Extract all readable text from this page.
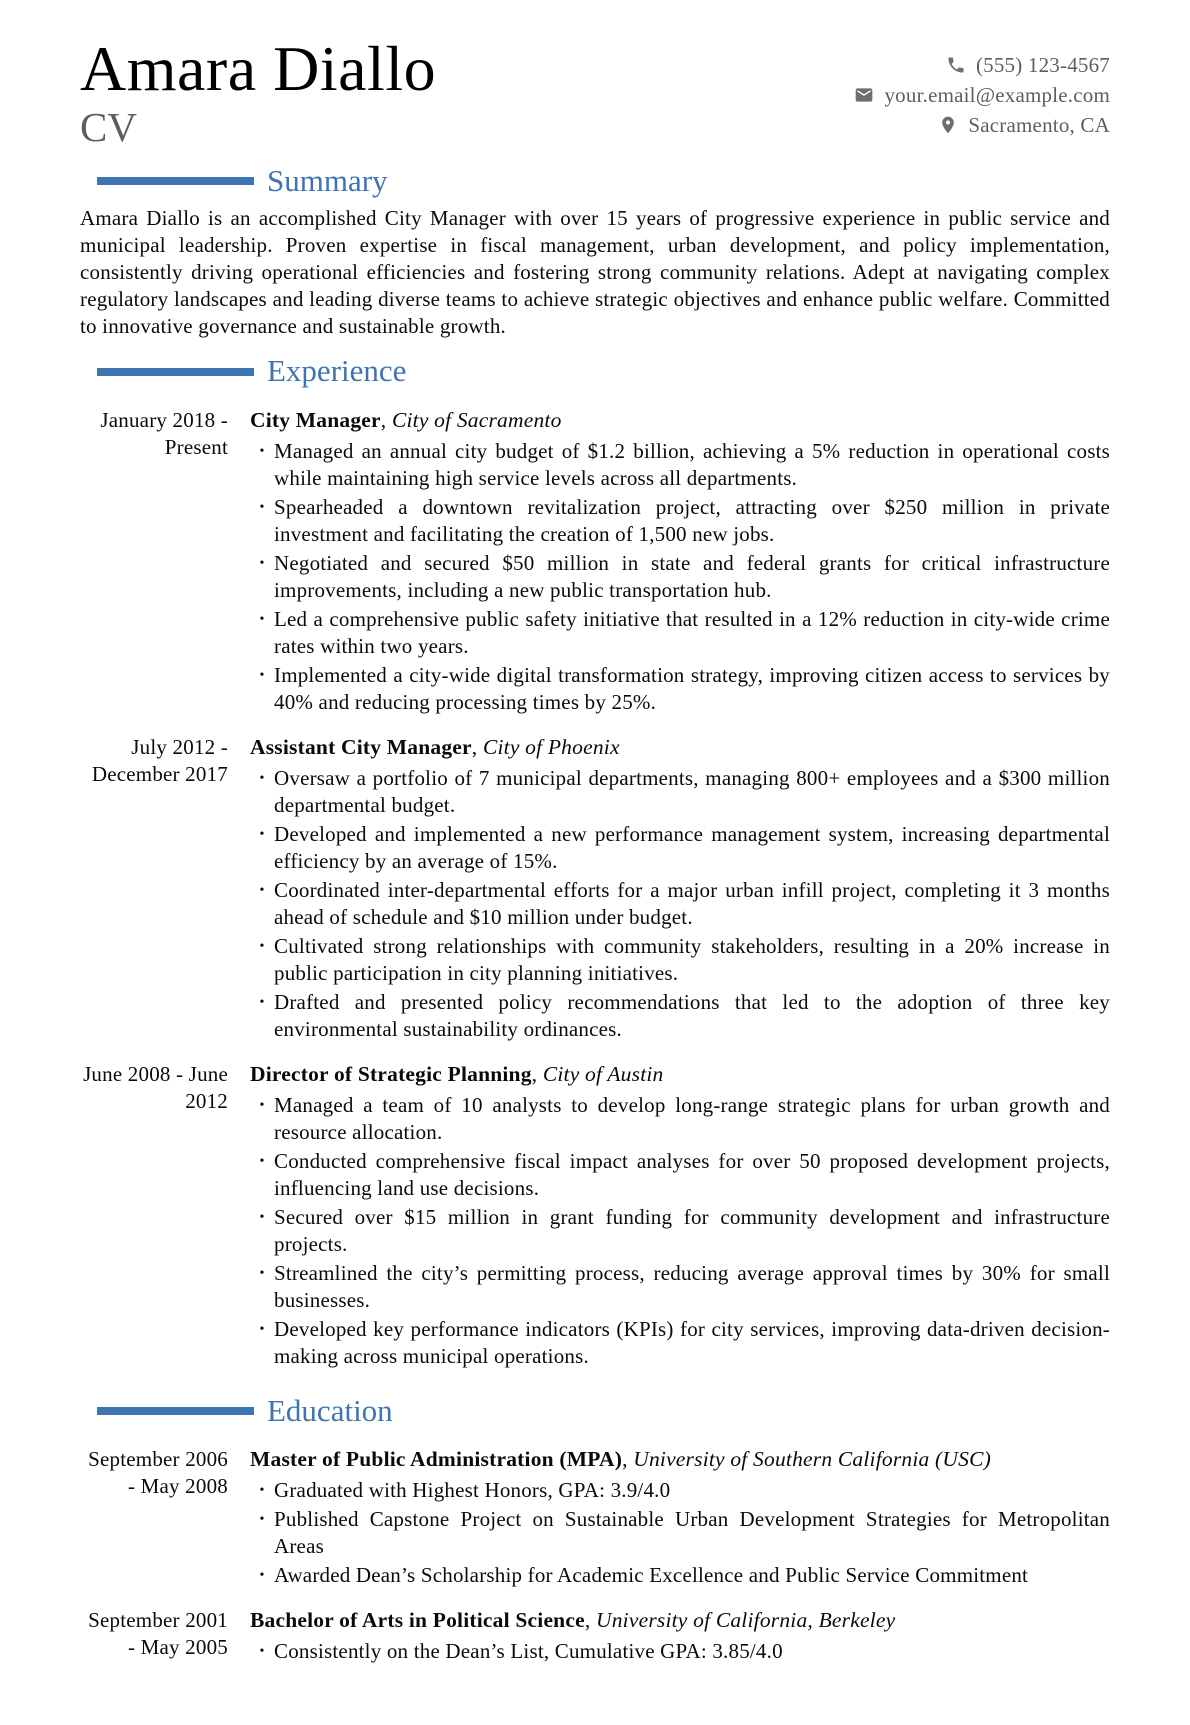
Amara Diallo
CV
(555) 123-4567
your.email@example.com
Sacramento, CA
Summary

Amara Diallo is an accomplished City Manager with over 15 years of progressive experience in public service and municipal leadership. Proven expertise in fiscal management, urban development, and policy implementation, consistently driving operational efficiencies and fostering strong community relations. Adept at navigating complex regulatory landscapes and leading diverse teams to achieve strategic objectives and enhance public welfare. Committed to innovative governance and sustainable growth.

Experience
January 2018 - Present
City Manager, City of Sacramento
•
Managed an annual city budget of $1.2 billion, achieving a 5% reduction in operational costs while maintaining high service levels across all departments.
•
Spearheaded a downtown revitalization project, attracting over $250 million in private investment and facilitating the creation of 1,500 new jobs.
•
Negotiated and secured $50 million in state and federal grants for critical infrastructure improvements, including a new public transportation hub.
•
Led a comprehensive public safety initiative that resulted in a 12% reduction in city-wide crime rates within two years.
•
Implemented a city-wide digital transformation strategy, improving citizen access to services by 40% and reducing processing times by 25%.
July 2012 - December 2017
Assistant City Manager, City of Phoenix
•
Oversaw a portfolio of 7 municipal departments, managing 800+ employees and a $300 million departmental budget.
•
Developed and implemented a new performance management system, increasing departmental efficiency by an average of 15%.
•
Coordinated inter-departmental efforts for a major urban infill project, completing it 3 months ahead of schedule and $10 million under budget.
•
Cultivated strong relationships with community stakeholders, resulting in a 20% increase in public participation in city planning initiatives.
•
Drafted and presented policy recommendations that led to the adoption of three key environmental sustainability ordinances.
June 2008 - June 2012
Director of Strategic Planning, City of Austin
•
Managed a team of 10 analysts to develop long-range strategic plans for urban growth and resource allocation.
•
Conducted comprehensive fiscal impact analyses for over 50 proposed development projects, influencing land use decisions.
•
Secured over $15 million in grant funding for community development and infrastructure projects.
•
Streamlined the city’s permitting process, reducing average approval times by 30% for small businesses.
•
Developed key performance indicators (KPIs) for city services, improving data-driven decision-making across municipal operations.
Education
September 2006 - May 2008
Master of Public Administration (MPA), University of Southern California (USC)
•
Graduated with Highest Honors, GPA: 3.9/4.0
•
Published Capstone Project on Sustainable Urban Development Strategies for Metropolitan Areas
•
Awarded Dean’s Scholarship for Academic Excellence and Public Service Commitment
September 2001 - May 2005
Bachelor of Arts in Political Science, University of California, Berkeley
•
Consistently on the Dean’s List, Cumulative GPA: 3.85/4.0
